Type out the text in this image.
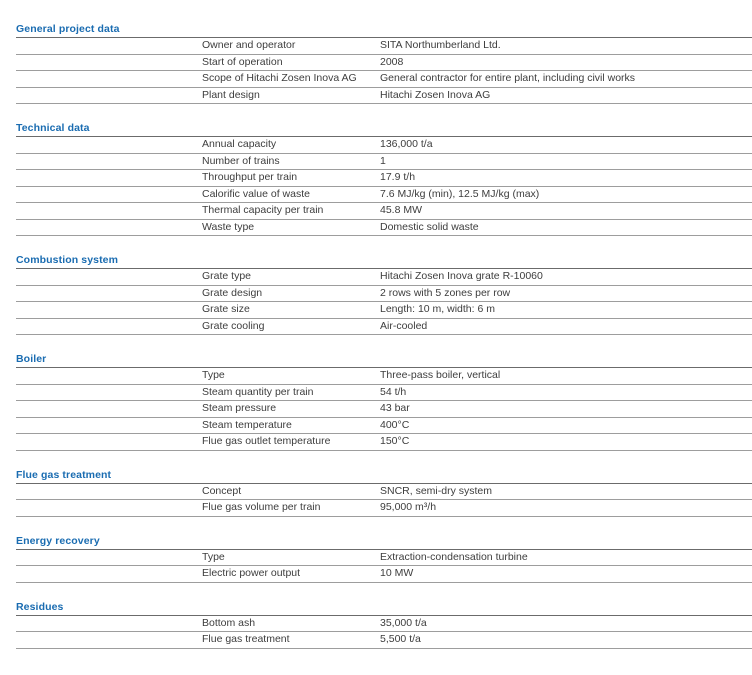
General project data
Owner and operator	SITA Northumberland Ltd.
Start of operation	2008
Scope of Hitachi Zosen Inova AG	General contractor for entire plant, including civil works
Plant design	Hitachi Zosen Inova AG
Technical data
Annual capacity	136,000 t/a
Number of trains	1
Throughput per train	17.9 t/h
Calorific value of waste	7.6 MJ/kg (min), 12.5 MJ/kg (max)
Thermal capacity per train	45.8 MW
Waste type	Domestic solid waste
Combustion system
Grate type	Hitachi Zosen Inova grate R-10060
Grate design	2 rows with 5 zones per row
Grate size	Length: 10 m, width: 6 m
Grate cooling	Air-cooled
Boiler
Type	Three-pass boiler, vertical
Steam quantity per train	54 t/h
Steam pressure	43 bar
Steam temperature	400°C
Flue gas outlet temperature	150°C
Flue gas treatment
Concept	SNCR, semi-dry system
Flue gas volume per train	95,000 m³/h
Energy recovery
Type	Extraction-condensation turbine
Electric power output	10 MW
Residues
Bottom ash	35,000 t/a
Flue gas treatment	5,500 t/a
